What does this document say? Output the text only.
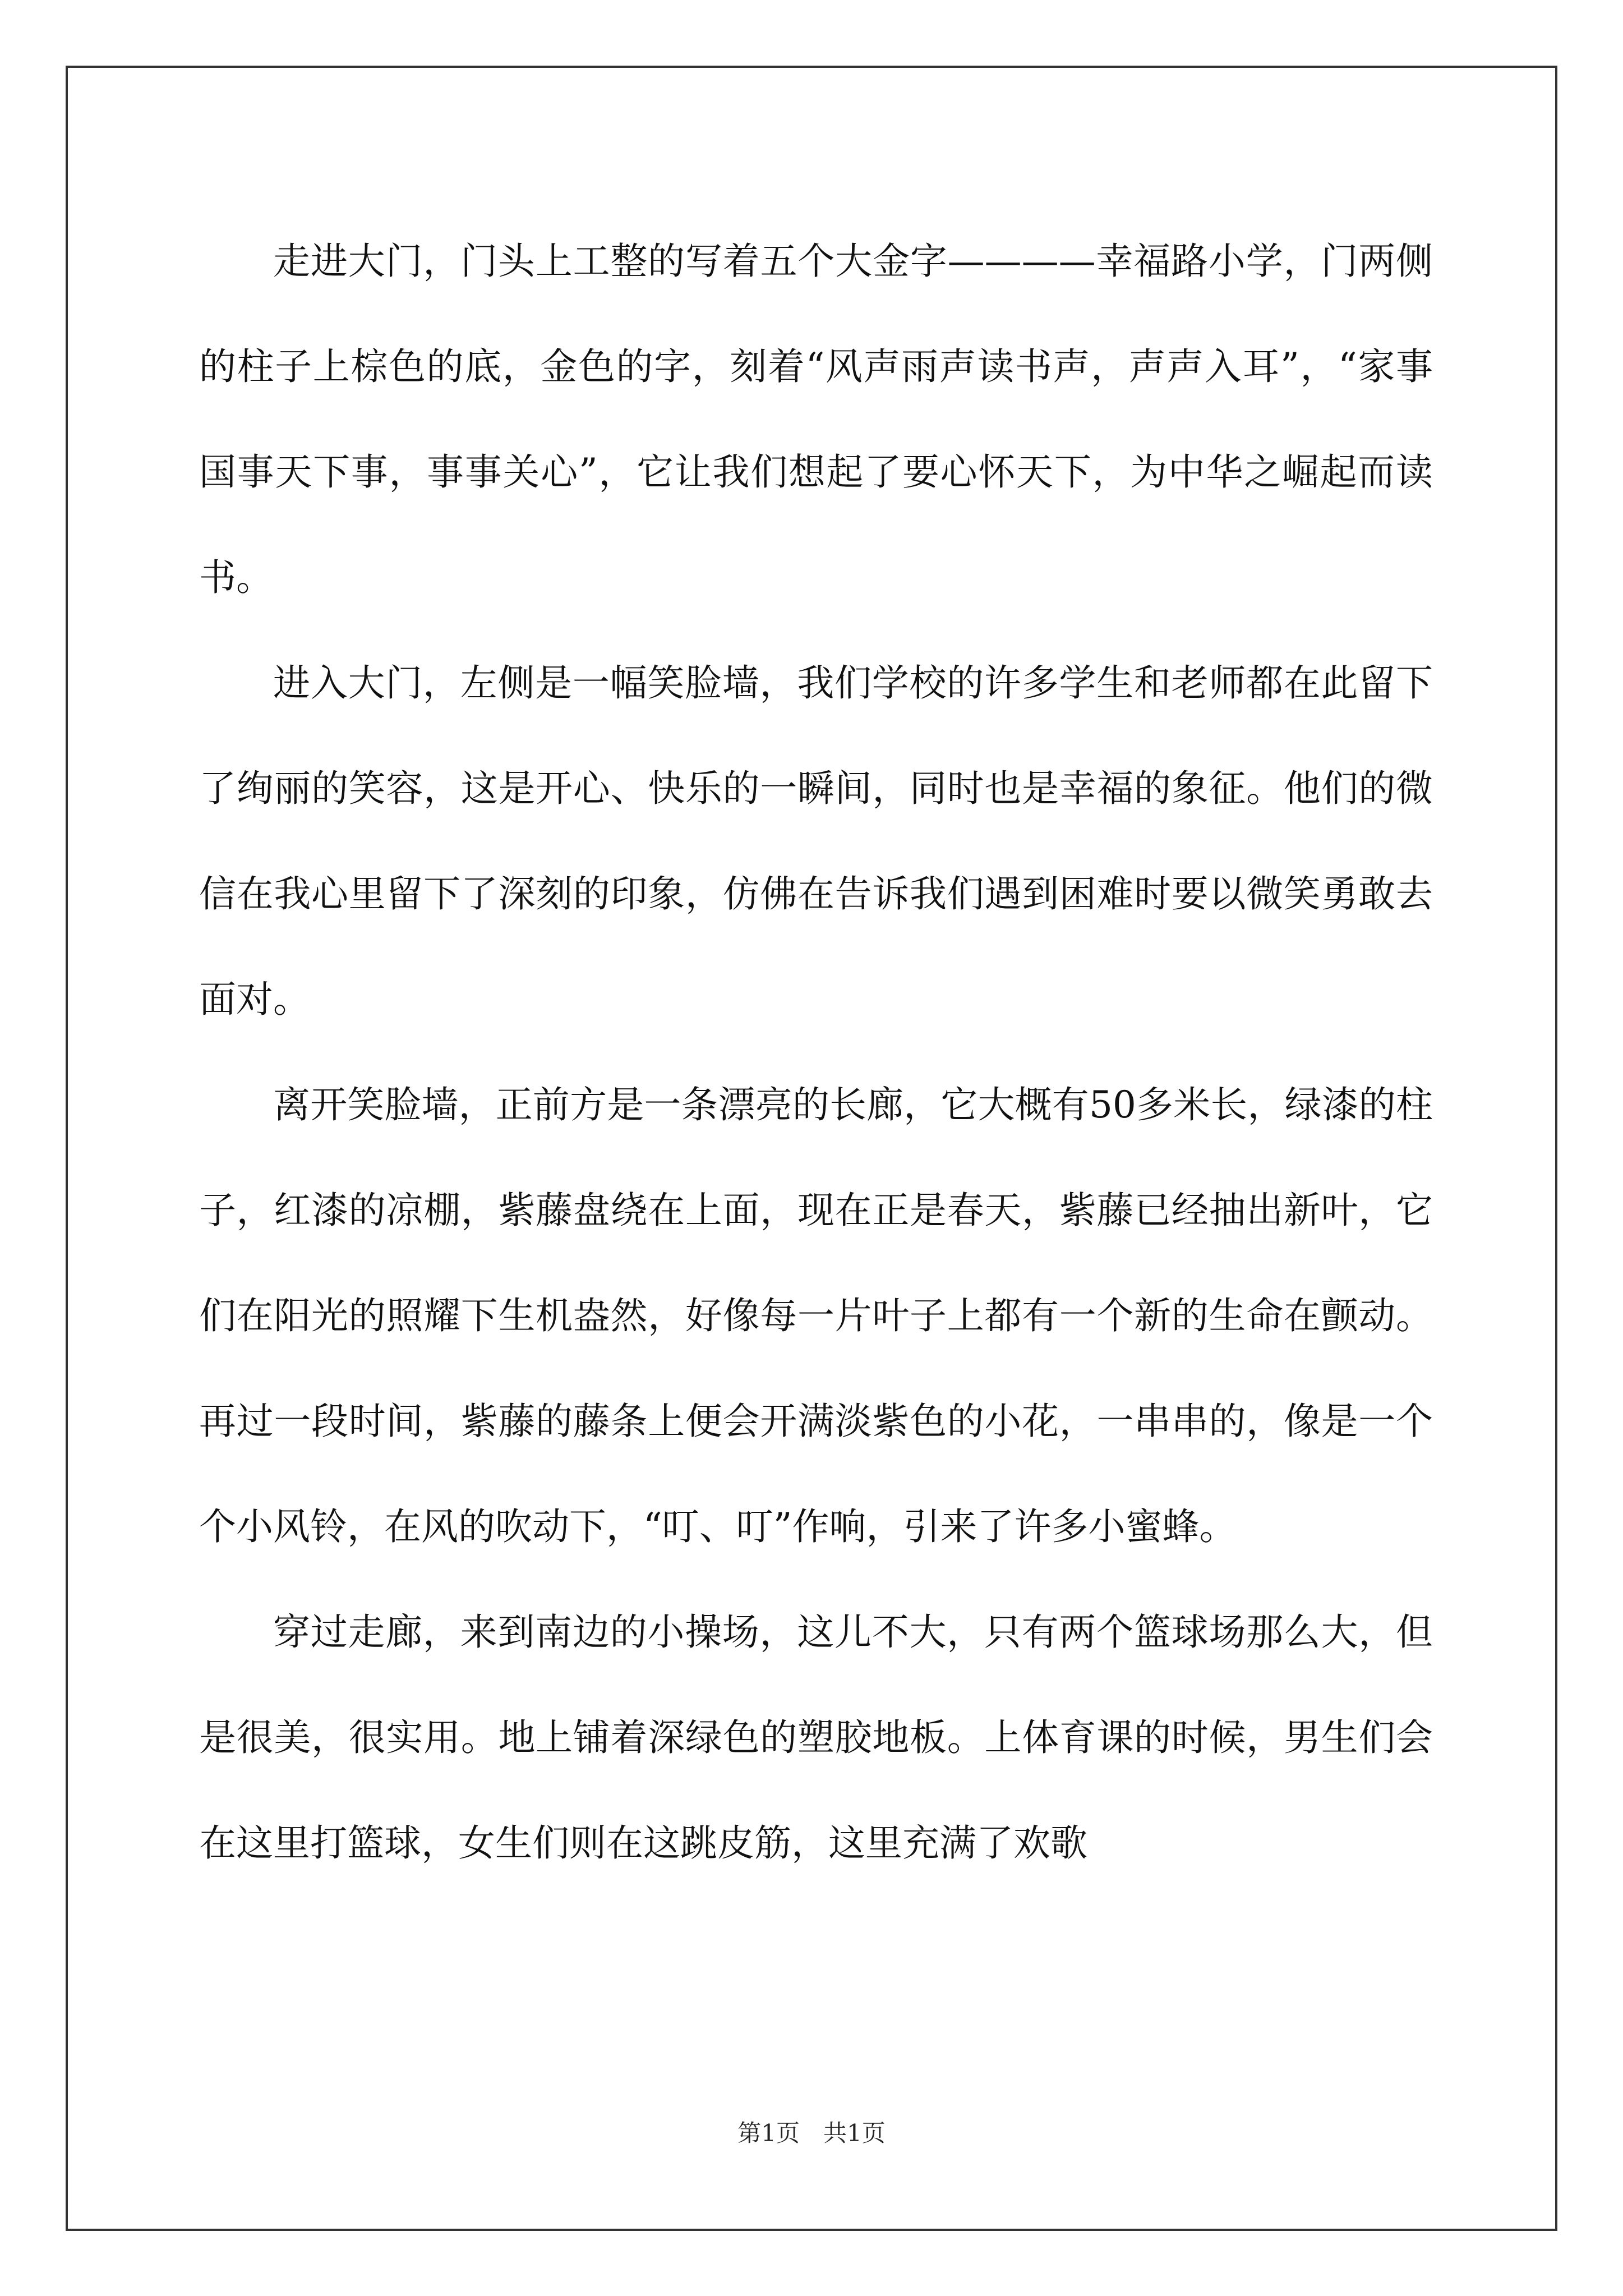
走进大门，门头上工整的写着五个大金字————幸福路小学，门两侧的柱子上棕色的底，金色的字，刻着“风声雨声读书声，声声入耳”，“家事国事天下事，事事关心”，它让我们想起了要心怀天下，为中华之崛起而读书。

进入大门，左侧是一幅笑脸墙，我们学校的许多学生和老师都在此留下了绚丽的笑容，这是开心、快乐的一瞬间，同时也是幸福的象征。他们的微信在我心里留下了深刻的印象，仿佛在告诉我们遇到困难时要以微笑勇敢去面对。

离开笑脸墙，正前方是一条漂亮的长廊，它大概有50多米长，绿漆的柱子，红漆的凉棚，紫藤盘绕在上面，现在正是春天，紫藤已经抽出新叶，它们在阳光的照耀下生机盎然，好像每一片叶子上都有一个新的生命在颤动。再过一段时间，紫藤的藤条上便会开满淡紫色的小花，一串串的，像是一个个小风铃，在风的吹动下，“叮、叮”作响，引来了许多小蜜蜂。

穿过走廊，来到南边的小操场，这儿不大，只有两个篮球场那么大，但是很美，很实用。地上铺着深绿色的塑胶地板。上体育课的时候，男生们会在这里打篮球，女生们则在这跳皮筋，这里充满了欢歌

第1页　共1页
